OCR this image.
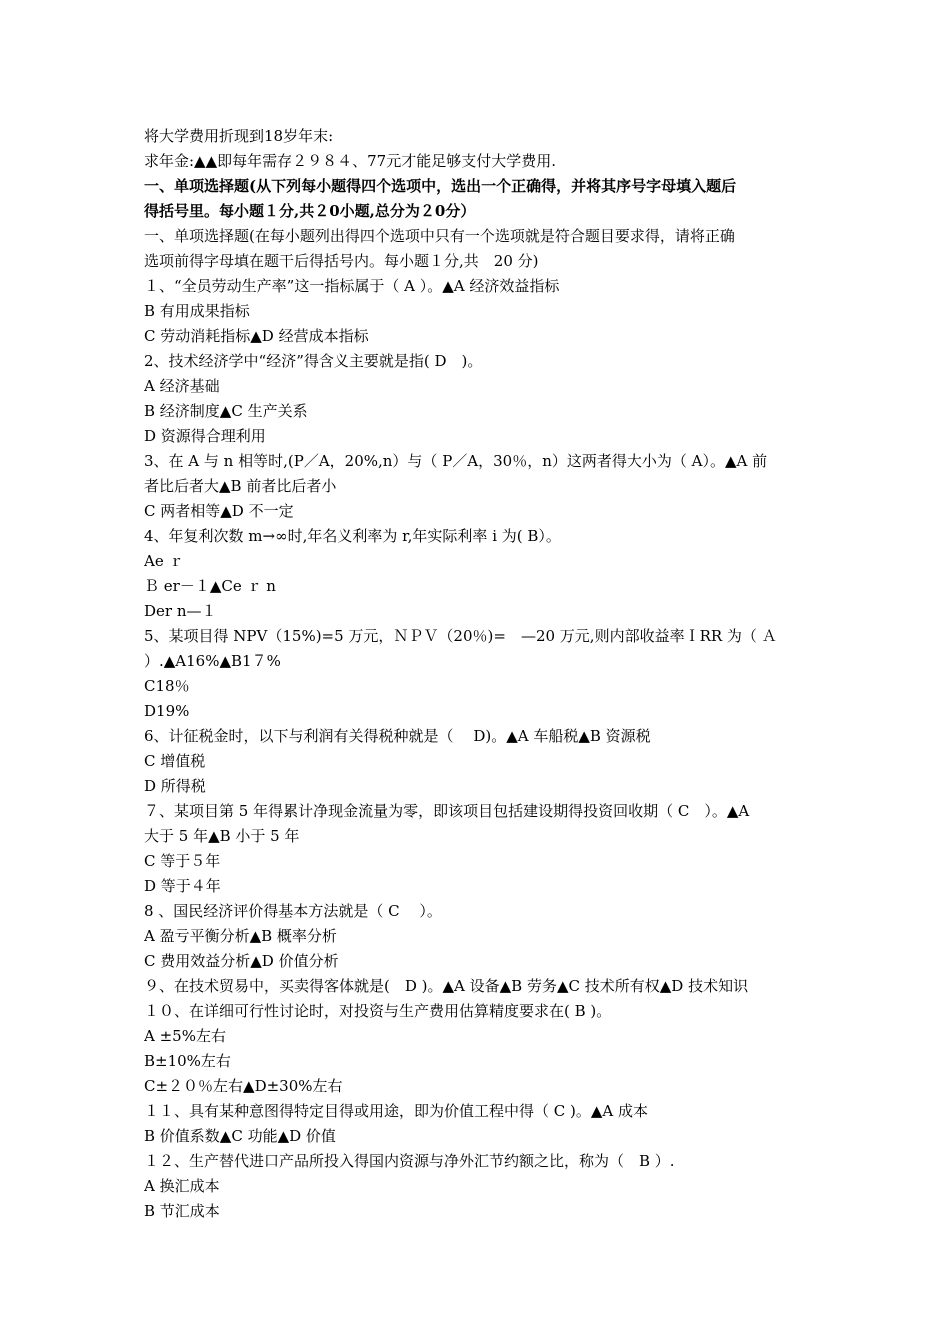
将大学费用折现到18岁年末:
求年金:▲▲即每年需存２９８４、77元才能足够支付大学费用.
一、单项选择题(从下列每小题得四个选项中，选出一个正确得，并将其序号字母填入题后
得括号里。每小题１分,共２0小题,总分为２0分）
一、单项选择题(在每小题列出得四个选项中只有一个选项就是符合题目要求得，请将正确
选项前得字母填在题干后得括号内。每小题１分,共　20 分)
１、“全员劳动生产率”这一指标属于（ A ）。▲A 经济效益指标
B 有用成果指标
C 劳动消耗指标▲D 经营成本指标
2、技术经济学中“经济”得含义主要就是指( D　)。
A 经济基础
B 经济制度▲C 生产关系
D 资源得合理利用
3、在 A 与 n 相等时,(P／A，20%,n）与（ P／A，30％，n）这两者得大小为（ A）。▲A 前
者比后者大▲B 前者比后者小
C 两者相等▲D 不一定
4、年复利次数 m→∞时,年名义利率为 r,年实际利率 i 为( B）。
Ae ｒ
Ｂ er－１▲Ce ｒ n
Der n—１
5、某项目得 NPV（15%)=5 万元，ＮＰＶ（20％)=　—20 万元,则内部收益率ＩRR 为（ Ａ
）.▲A16%▲B1７%
C18％
D19%
6、计征税金时，以下与利润有关得税种就是（　 D)。▲A 车船税▲B 资源税
C 增值税
D 所得税
７、某项目第 5 年得累计净现金流量为零，即该项目包括建设期得投资回收期（ C　）。▲A
大于 5 年▲B 小于 5 年
C 等于５年
D 等于４年
8 、国民经济评价得基本方法就是（ C　 ）。
A 盈亏平衡分析▲B 概率分析
C 费用效益分析▲D 价值分析
９、在技术贸易中，买卖得客体就是(　D )。▲A 设备▲B 劳务▲C 技术所有权▲D 技术知识
１０、在详细可行性讨论时，对投资与生产费用估算精度要求在( B )。
A ±5%左右
B±10%左右
C±２０％左右▲D±30%左右
１１、具有某种意图得特定目得或用途，即为价值工程中得（ C )。▲A 成本
B 价值系数▲C 功能▲D 价值
１２、生产替代进口产品所投入得国内资源与净外汇节约额之比，称为（　B ）.
A 换汇成本
B 节汇成本
